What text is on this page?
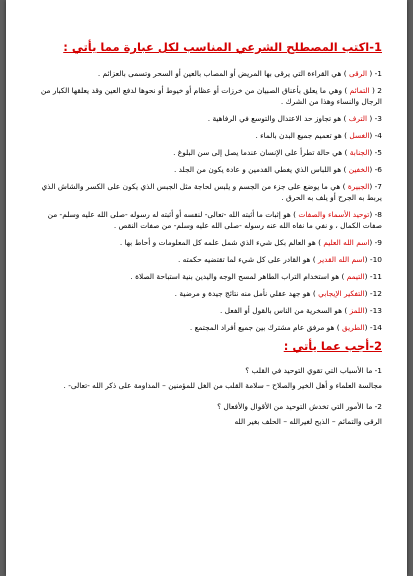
1-اكتب المصطلح الشرعي المناسب لكل عبارة مما يأتي :
1- ( الرقى ) هي القراءة التي يرقى بها المريض أو المصاب بالعين أو السحر وتسمى بالعزائم .
2 ( التمائم ) وهي ما يعلق بأعناق الصبيان من خرزات أو عظام أو خيوط أو نحوها لدفع العين وقد يعلقها الكبار من الرجال والنساء وهذا من الشرك .
3- ( الترف ) هو تجاوز حد الاعتدال والتوسع في الرفاهية .
4- (الغسل ) هو تعميم جميع البدن بالماء .
5- (الجنابة ) هي حالة تطرأ على الإنسان عندما يصل إلى سن البلوغ .
6- (الخفين ) هو اللباس الذي يغطي القدمين و عادة يكون من الجلد .
7- (الجبيرة ) هي ما يوضع على جزء من الجسم و يلبس لحاجة مثل الجبس الذي يكون على الكسر والشاش الذي يربط به الجرح أو يلف به الحرق .
8- (توحيد الأسماء والصفات ) هو إثبات ما أثبته الله -تعالى- لنفسه أو أثبته له رسوله -صلى الله عليه وسلم- من صفات الكمال ، و نفي ما نفاه الله عنه رسوله -صلى الله عليه وسلم- من صفات النقص .
9- (اسم الله العليم ) هو العالم بكل شيء الذي شمل علمه كل المعلومات و أحاط بها .
10- (اسم الله القدير ) هو القادر على كل شيء لما تقتضيه حكمته .
11- (التيمم ) هو استخدام التراب الطاهر لمسح الوجه واليدين بنية استباحة الصلاة .
12- (التفكير الإيجابي ) هو جهد عقلي نأمل منه نتائج جيدة و مرضية .
13- (اللمز ) هو السخرية من الناس بالقول أو الفعل .
14- (الطريق ) هو مرفق عام مشترك بين جميع أفراد المجتمع .
2-أجب عما يأتي :
1- ما الأسباب التي تقوي التوحيد في القلب ؟
مجالسة العلماء و أهل الخير والصلاح – سلامة القلب من الغل للمؤمنين – المداومة على ذكر الله -تعالى- .
2- ما الأمور التي تخدش التوحيد من الأقوال والأفعال ؟
الرقى والتمائم – الذبح لغيرالله – الحلف بغير الله
